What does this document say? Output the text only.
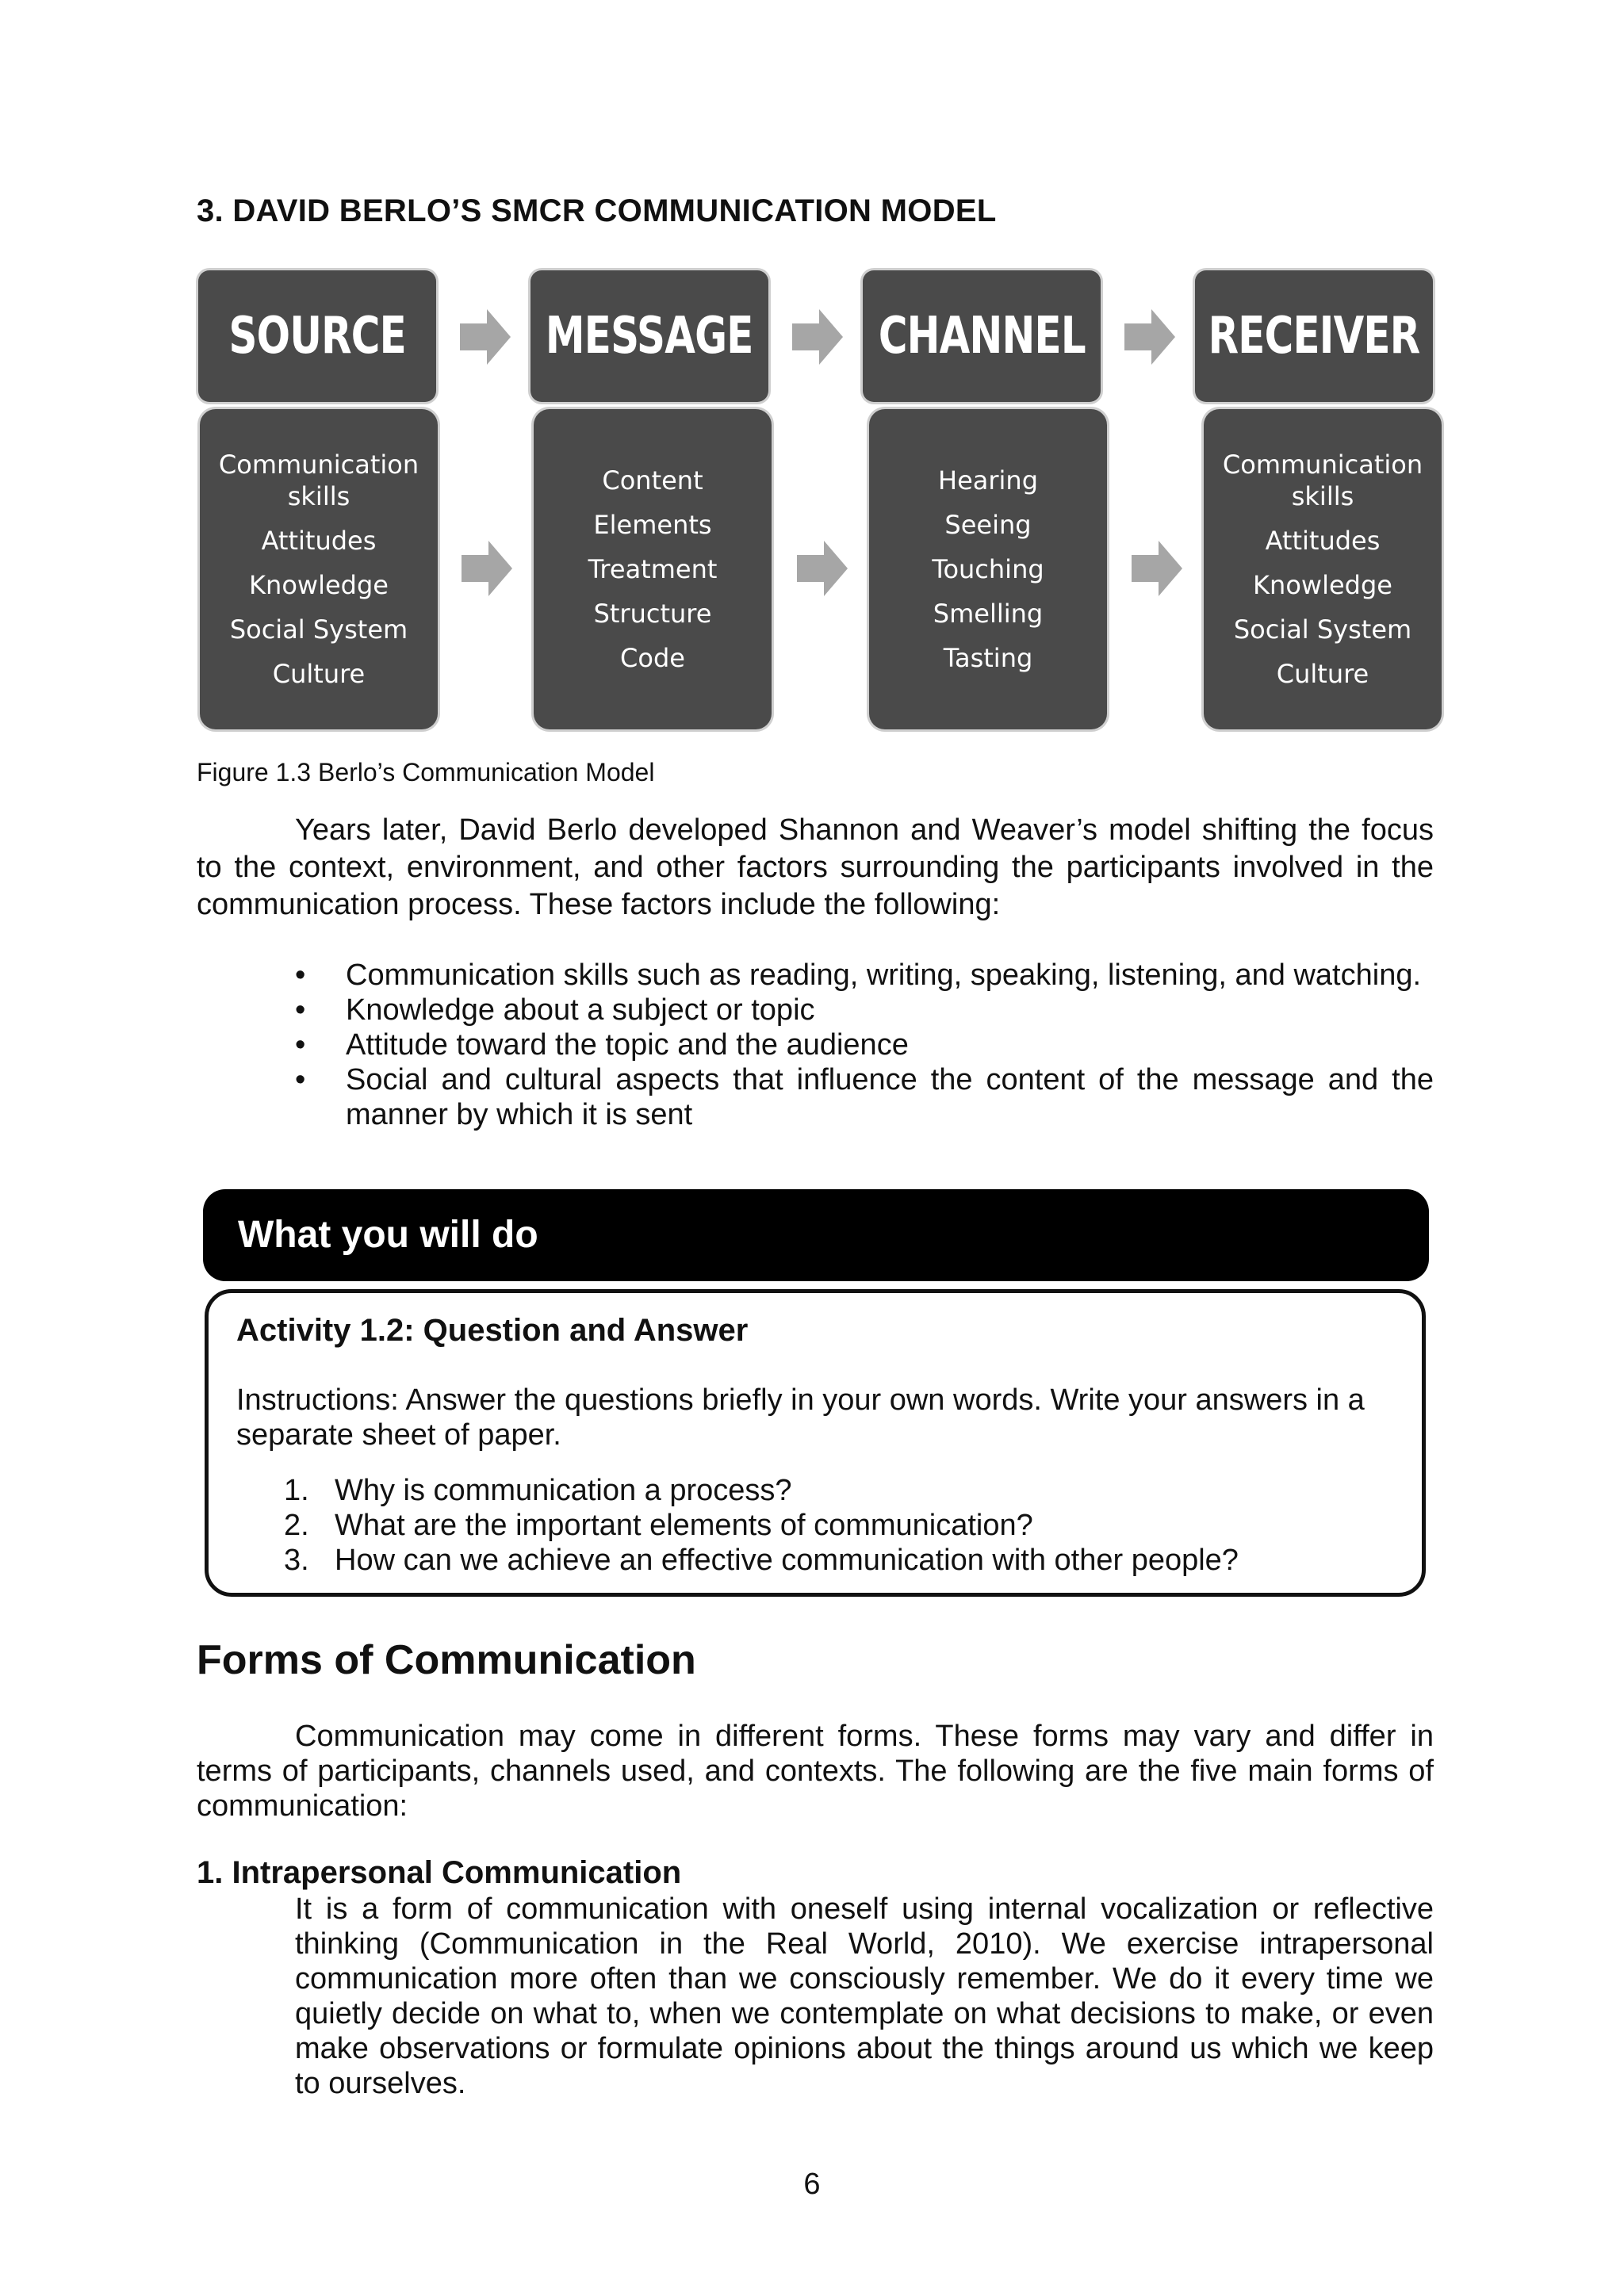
3. DAVID BERLO’S SMCR COMMUNICATION MODEL
SOURCE	MESSAGE CHANNEL RECEIVER
Communication skills
Attitudes
Knowledge
Social System
Culture
Content
Elements
Treatment
Structure
Code
Hearing
Seeing
Touching
Smelling
Tasting
Communication skills
Attitudes
Knowledge
Social System
Culture
Figure 1.3 Berlo’s Communication Model
Years later, David Berlo developed Shannon and Weaver’s model shifting the focus to the context, environment, and other factors surrounding the participants involved in the communication process. These factors include the following:
•	Communication skills such as reading, writing, speaking, listening, and watching.
•	Knowledge about a subject or topic
•	Attitude toward the topic and the audience
•	Social and cultural aspects that influence the content of the message and the manner by which it is sent
What you will do
Activity 1.2: Question and Answer
Instructions: Answer the questions briefly in your own words. Write your answers in a separate sheet of paper.
1. Why is communication a process?
2. What are the important elements of communication?
3. How can we achieve an effective communication with other people?
Forms of Communication
Communication may come in different forms. These forms may vary and differ in terms of participants, channels used, and contexts. The following are the five main forms of communication:
1. Intrapersonal Communication
It is a form of communication with oneself using internal vocalization or reflective thinking (Communication in the Real World, 2010). We exercise intrapersonal communication more often than we consciously remember. We do it every time we quietly decide on what to, when we contemplate on what decisions to make, or even make observations or formulate opinions about the things around us which we keep to ourselves.
6
